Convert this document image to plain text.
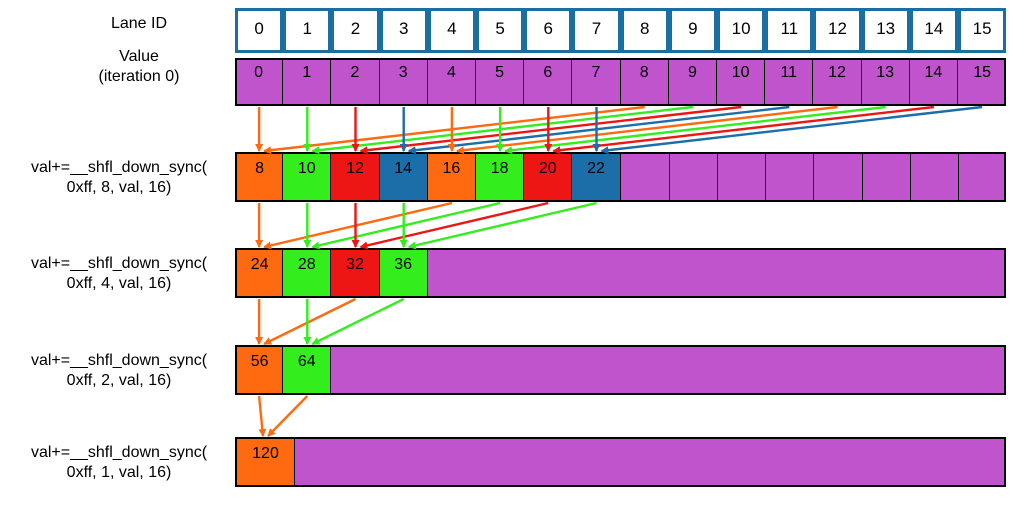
Lane ID	0	1	2	3	4	5	6	7	8	9	10	11	12	13	14	15
Value
(iteration 0)	0	1	2	3	4	5	6	7	8	9	10	11	12	13	14	15
val+=__shfl_down_sync(
0xff, 8, val, 16)
8	10	12	14	16	18	20	22
val+=__shfl_down_sync(
0xff, 4, val, 16)
24	28	32	36
val+=__shfl_down_sync(
0xff, 2, val, 16)
56	64
val+=__shfl_down_sync(
0xff, 1, val, 16)
120
